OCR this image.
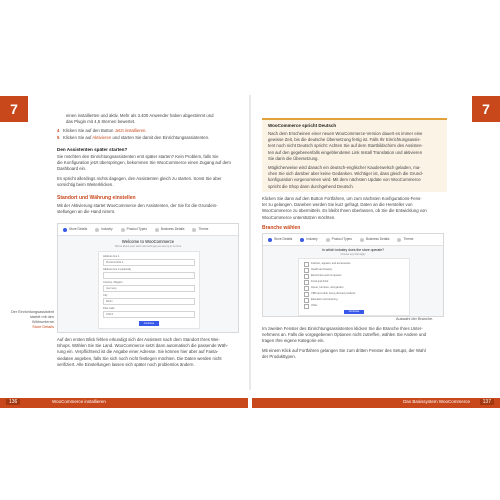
7	7
einen installierten und aktiv. Mehr als 3.400 Anwender haben abgestimmt und
das Plugin mit 4,5 Sternen bewertet.
4 Klicken Sie auf den Button Jetzt installieren.
5 Klicken Sie auf Aktivieren und starten Sie damit den Einrichtungsassistenten.
Den Assistenten später starten?
Sie möchten den Einrichtungsassistenten erst später starten? Kein Problem, falls Sie
die Konfiguration jetzt überspringen, bekommen Sie WooCommerce einen Zugang auf dem
Dashboard ein.
Es spricht allerdings nichts dagegen, den Assistenten gleich zu starten. Sonst Sie aber
vorsichtig beim Weiterklicken.
Standort und Währung einstellen
Mit der Aktivierung startet WooCommerce den Assistenten, der Sie für die Grundein-
stellungen an die Hand nimmt.
Store Details	Industry	Product Types	Business Details	Theme
Welcome to WooCommerce
Tell us about your store and we'll get you set up in no time
Address line 1
Musterstraße 1
Address line 2 (optional)
Country / Region
Germany
City
Berlin
Post code
10115
Continue
Der Einrichtungsassistent
startet mit den Währunterne
Store Details
Auf den ersten Blick fehlen erkundigt sich der Assistent nach dem Standort Ihres Wei-
tshops. Wählen Sie Sie Land. WooCommerce setzt dann automatisch die passende Wäh-
rung ein. Verpflichtend ist die Angabe einer Adresse. Sie können hier aber auf Fanta-
siedaten angeben, falls Sie sich noch nicht festlegen möchten. Die Daten werden nicht
verifiziert. Alle Einstellungen lassen sich später noch problemlos ändern.
WooCommerce installieren
136
WooCommerce spricht Deutsch
Nach dem Erscheinen einer neuen WooCommerce-Version dauert es immer eine
gewisse Zeit, bis die deutsche Übersetzung fertig ist. Falls Ihr Einrichtungsassis-
tent noch nicht Deutsch spricht: Achten Sie auf dem Startbildschirm des Assisten-
ten auf den gegebenenfalls eingeblendeten Link Install Translation und aktivieren
Sie darin die Übersetzung.
Möglicherweise wird danach ein deutsch-englischer Kauderwelsch geladen, ma-
chen Sie sich darüber aber keine Gedanken. Wichtiger ist, dass gleich die Grund-
konfiguration vorgenommen wird. Mit dem nächsten Update von WooCommerce
spricht die Shop dann durchgehend Deutsch.
Klicken Sie dann auf den Button Fortfahren, um zum nächsten Konfigurations-Fens-
ter zu gelangen. Daneben werden Sie kurz gefragt, Daten an die Hersteller von
WooCommerce zu übermitteln. Es bleibt Ihnen überlassen, ob Sie die Entwicklung von
WooCommerce unterstützen möchten.
Branche wählen
Store Details	Industry	Product Types	Business Details	Theme
In which industry does the store operate?
Choose any that apply
Fashion, apparel, and accessories
Health and beauty
Electronics and computers
Food and drink
Home, furniture, and garden
CBD and other hemp-derived products
Education and learning
Other
Continue
Auswahl der Branche.
Im zweiten Fenster des Einrichtungsassistenten klicken Sie die Branche Ihres Unter-
nehmens an. Falls die vorgegebenen Optionen nicht zutreffen, wählen Sie Andere und
tragen Ihre eigene Kategorie ein.
Mit einem Klick auf Fortfahren gelangen Sie zum dritten Fenster des Setups, der Wahl
der Produkttypen.
Das Basissystem WooCommerce	137
